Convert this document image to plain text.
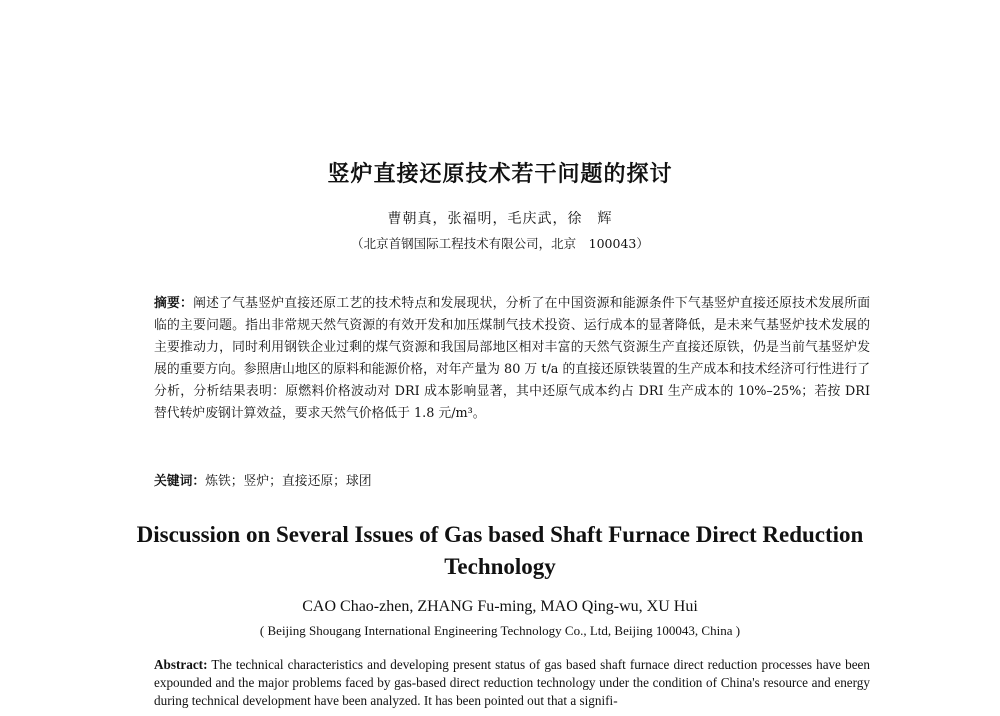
竖炉直接还原技术若干问题的探讨
曹朝真，张福明，毛庆武，徐　辉
（北京首钢国际工程技术有限公司，北京　100043）
摘要：阐述了气基竖炉直接还原工艺的技术特点和发展现状，分析了在中国资源和能源条件下气基竖炉直接还原技术发展所面临的主要问题。指出非常规天然气资源的有效开发和加压煤制气技术投资、运行成本的显著降低，是未来气基竖炉技术发展的主要推动力，同时利用钢铁企业过剩的煤气资源和我国局部地区相对丰富的天然气资源生产直接还原铁，仍是当前气基竖炉发展的重要方向。参照唐山地区的原料和能源价格，对年产量为 80 万 t/a 的直接还原铁装置的生产成本和技术经济可行性进行了分析，分析结果表明：原燃料价格波动对 DRI 成本影响显著，其中还原气成本约占 DRI 生产成本的 10%–25%；若按 DRI 替代转炉废钢计算效益，要求天然气价格低于 1.8 元/m³。
关键词：炼铁；竖炉；直接还原；球团
Discussion on Several Issues of Gas based Shaft Furnace Direct Reduction Technology
CAO Chao-zhen, ZHANG Fu-ming, MAO Qing-wu, XU Hui
( Beijing Shougang International Engineering Technology Co., Ltd, Beijing 100043, China )
Abstract: The technical characteristics and developing present status of gas based shaft furnace direct reduction processes have been expounded and the major problems faced by gas-based direct reduction technology under the condition of China's resource and energy during technical development have been analyzed. It has been pointed out that a signifi-
